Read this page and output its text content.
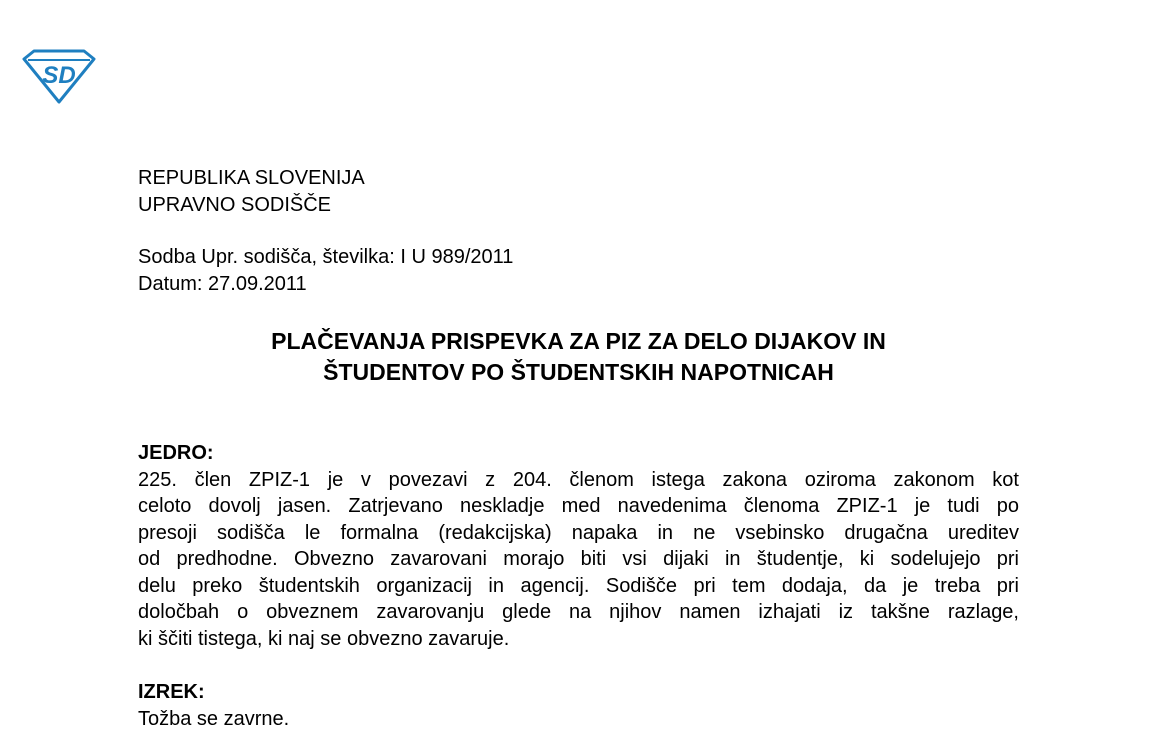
SD
REPUBLIKA SLOVENIJA
UPRAVNO SODIŠČE
Sodba Upr. sodišča, številka: I U 989/2011
Datum: 27.09.2011
PLAČEVANJA PRISPEVKA ZA PIZ ZA DELO DIJAKOV IN
ŠTUDENTOV PO ŠTUDENTSKIH NAPOTNICAH
JEDRO:
225. člen ZPIZ-1 je v povezavi z 204. členom istega zakona oziroma zakonom kot
celoto dovolj jasen. Zatrjevano neskladje med navedenima členoma ZPIZ-1 je tudi po
presoji sodišča le formalna (redakcijska) napaka in ne vsebinsko drugačna ureditev
od predhodne. Obvezno zavarovani morajo biti vsi dijaki in študentje, ki sodelujejo pri
delu preko študentskih organizacij in agencij. Sodišče pri tem dodaja, da je treba pri
določbah o obveznem zavarovanju glede na njihov namen izhajati iz takšne razlage,
ki ščiti tistega, ki naj se obvezno zavaruje.
IZREK:
Tožba se zavrne.
